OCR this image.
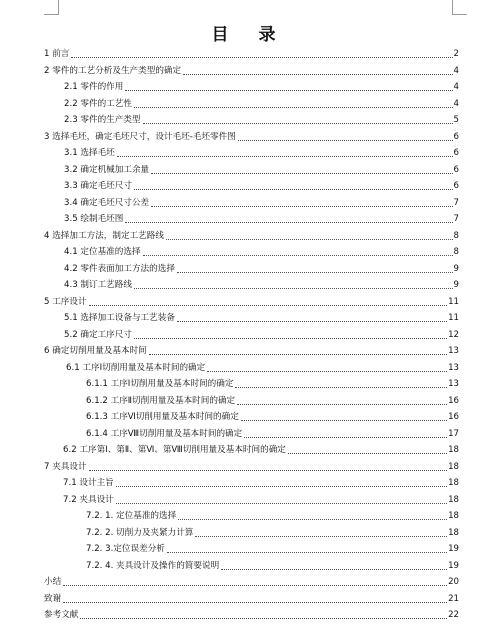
目 录
1 前言	2
2 零件的工艺分析及生产类型的确定	4
2.1 零件的作用	4
2.2 零件的工艺性	4
2.3 零件的生产类型	5
3 选择毛坯，确定毛坯尺寸，设计毛坯-毛坯零件图	6
3.1 选择毛坯	6
3.2 确定机械加工余量	6
3.3 确定毛坯尺寸	6
3.4 确定毛坯尺寸公差	7
3.5 绘制毛坯图	7
4 选择加工方法，制定工艺路线	8
4.1 定位基准的选择	8
4.2 零件表面加工方法的选择	9
4.3 制订工艺路线	9
5 工序设计	11
5.1 选择加工设备与工艺装备	11
5.2 确定工序尺寸	12
6 确定切削用量及基本时间	13
6.1 工序Ⅰ切削用量及基本时间的确定	13
6.1.1 工序Ⅰ切削用量及基本时间的确定	13
6.1.2 工序Ⅱ切削用量及基本时间的确定	16
6.1.3 工序Ⅵ切削用量及基本时间的确定	16
6.1.4 工序Ⅷ切削用量及基本时间的确定	17
6.2 工序第Ⅰ、第Ⅱ、第Ⅵ、第Ⅷ切削用量及基本时间的确定	18
7 夹具设计	18
7.1 设计主旨	18
7.2 夹具设计	18
7.2. 1. 定位基准的选择	18
7.2. 2. 切削力及夹紧力计算	18
7.2. 3.定位误差分析	19
7.2. 4. 夹具设计及操作的简要说明	19
小结	20
致谢	21
参考文献	22
